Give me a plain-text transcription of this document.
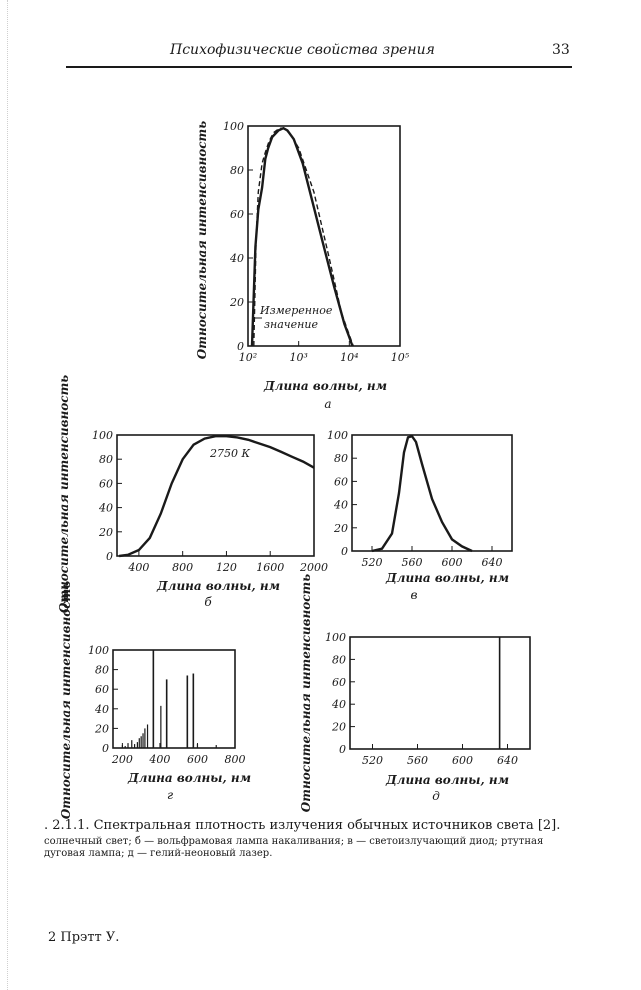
Психофизические свойства зрения	33
0
20
40
60
80
100
10²	10³	10⁴	10⁵
Длина волны, нм
Относительная интенсивность
a
0
20
40
60
80
100
400 800 120 1600 2000
Длина волны, нм
Относительная интенсивность	б
0
20
40
60
80
100
520 560 600 640
Длина волны, нм
в
0
20
40
60
80
100
200 400 600 800
Длина волны, нм
Относительная интенсивность	г
0
20
40
60
80
100
520 560 600 640
Длина волны, нм
Относительная интенсивность	д
Измеренное
значение
2750 К
. 2.1.1. Спектральная плотность излучения обычных источников света [2].
солнечный свет; б — вольфрамовая лампа накаливания; в — светоизлучающий диод; ртутная дуговая лампа; д — гелий-неоновый лазер.
2 Прэтт У.
